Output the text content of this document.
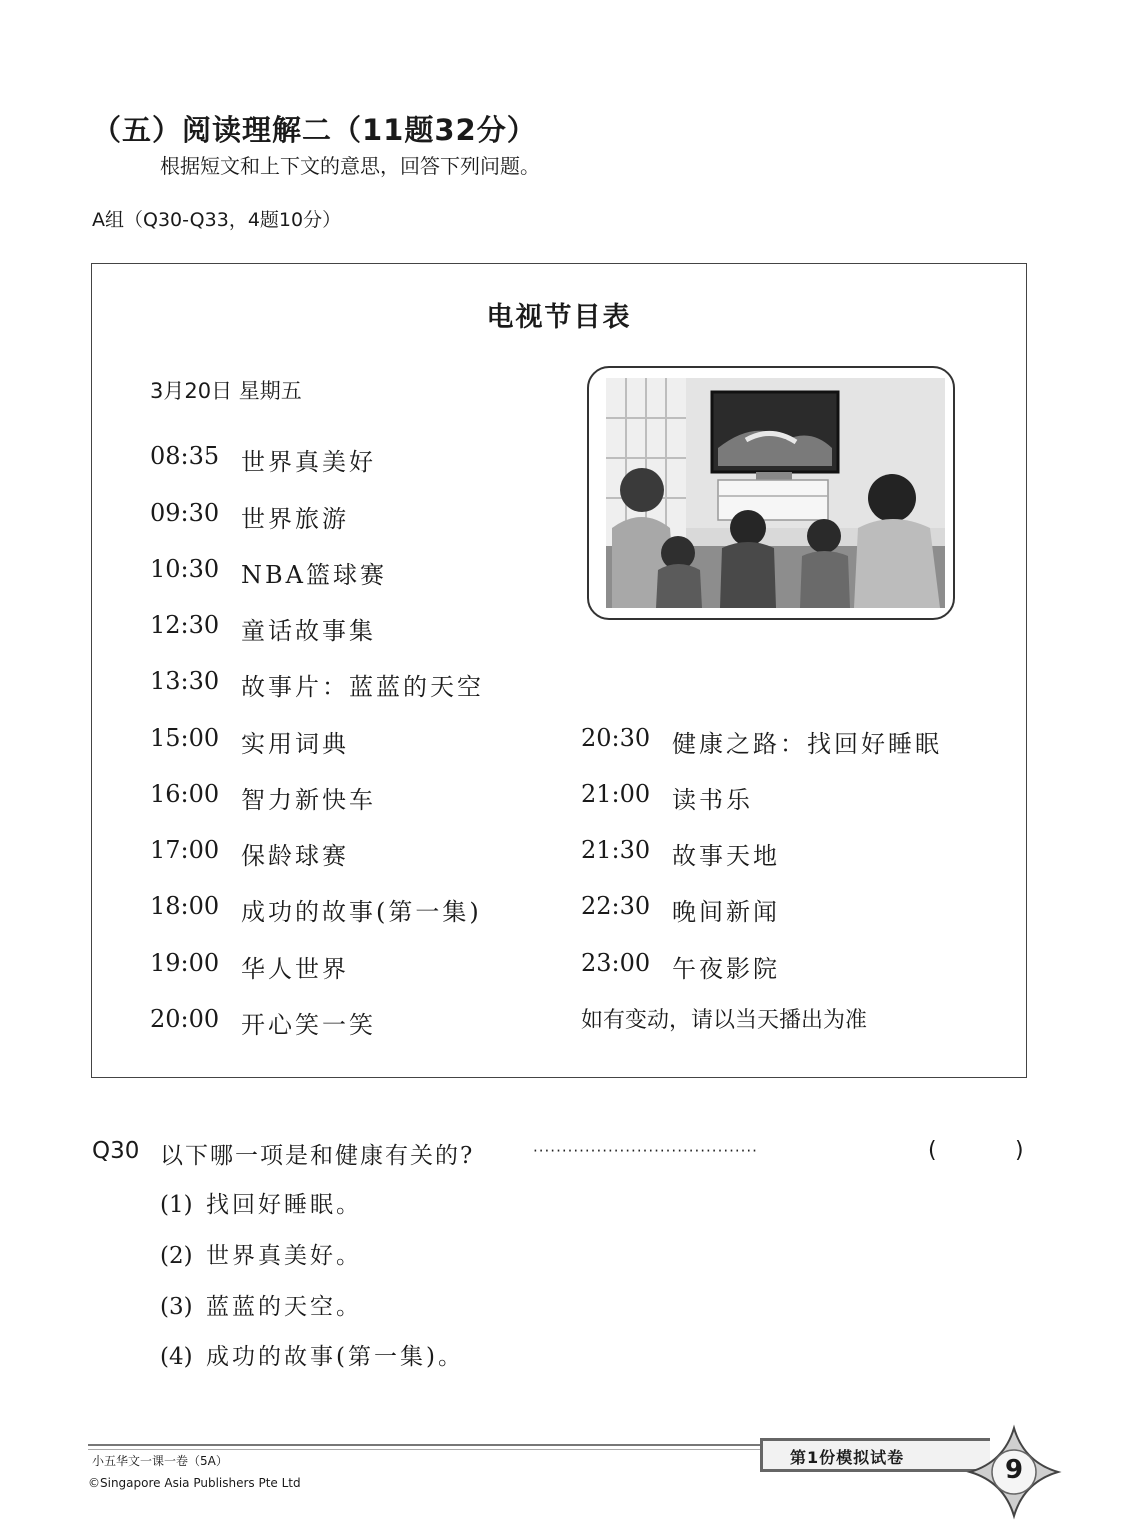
（五）阅读理解二（11题32分）
根据短文和上下文的意思，回答下列问题。
A组（Q30-Q33，4题10分）
电视节目表
3月20日 星期五
08:35 世界真美好
09:30 世界旅游
10:30 NBA篮球赛
12:30 童话故事集
13:30 故事片：蓝蓝的天空
15:00 实用词典
16:00 智力新快车
17:00 保龄球赛
18:00 成功的故事(第一集)
19:00 华人世界
20:00 开心笑一笑
20:30 健康之路：找回好睡眠
21:00 读书乐
21:30 故事天地
22:30 晚间新闻
23:00 午夜影院
如有变动，请以当天播出为准
Q30 以下哪一项是和健康有关的?	·······································	(	)
(1) 找回好睡眠。
(2) 世界真美好。
(3) 蓝蓝的天空。
(4) 成功的故事(第一集)。
小五华文一课一卷（5A）
©Singapore Asia Publishers Pte Ltd
第1份模拟试卷	9
